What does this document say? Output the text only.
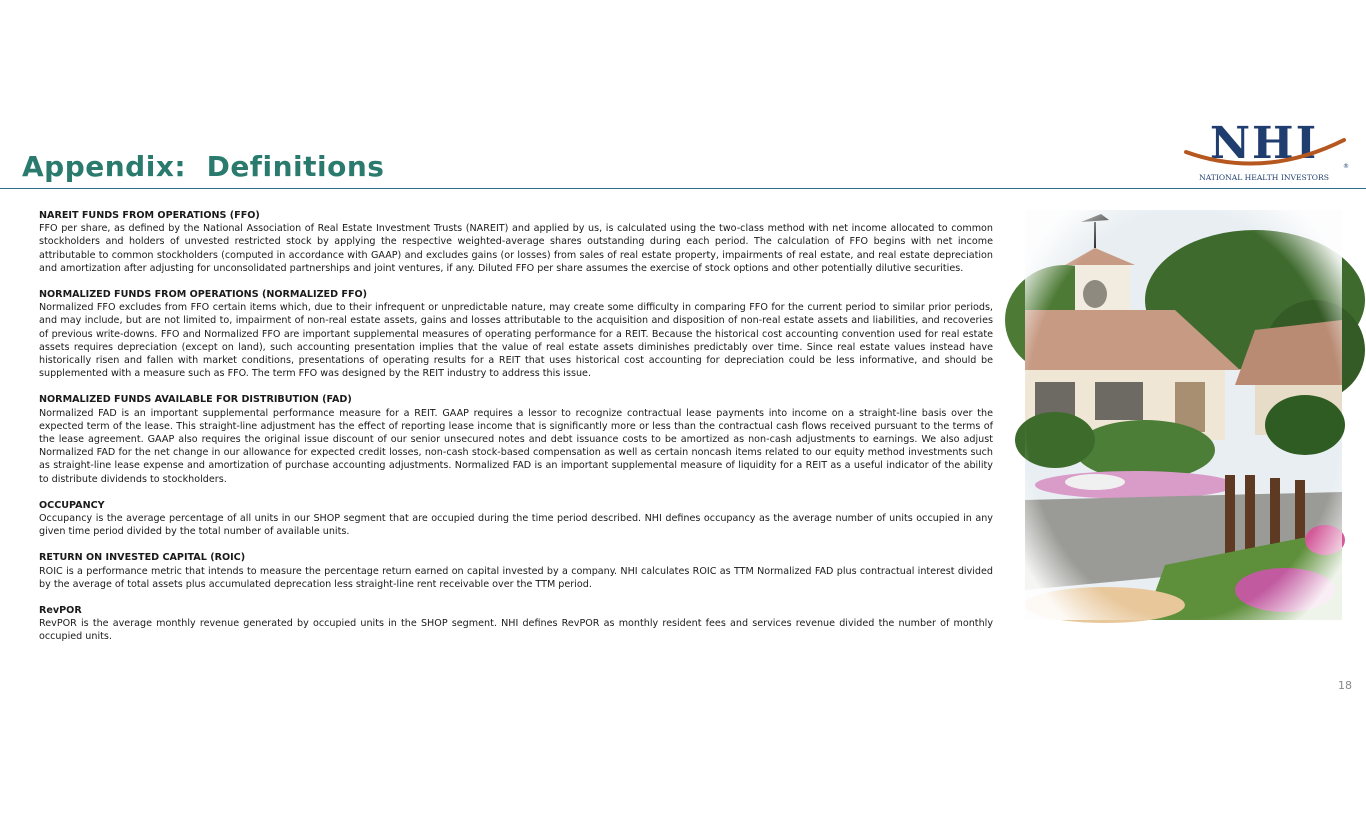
Appendix:  Definitions	NHI	®
NATIONAL HEALTH INVESTORS
NAREIT FUNDS FROM OPERATIONS (FFO)

FFO per share, as defined by the National Association of Real Estate Investment Trusts (NAREIT) and applied by us, is calculated using the two-class method with net income allocated to common stockholders and holders of unvested restricted stock by applying the respective weighted-average shares outstanding during each period. The calculation of FFO begins with net income attributable to common stockholders (computed in accordance with GAAP) and excludes gains (or losses) from sales of real estate property, impairments of real estate, and real estate depreciation and amortization after adjusting for unconsolidated partnerships and joint ventures, if any. Diluted FFO per share assumes the exercise of stock options and other potentially dilutive securities.

NORMALIZED FUNDS FROM OPERATIONS (NORMALIZED FFO)

Normalized FFO excludes from FFO certain items which, due to their infrequent or unpredictable nature, may create some difficulty in comparing FFO for the current period to similar prior periods, and may include, but are not limited to, impairment of non-real estate assets, gains and losses attributable to the acquisition and disposition of non-real estate assets and liabilities, and recoveries of previous write-downs. FFO and Normalized FFO are important supplemental measures of operating performance for a REIT. Because the historical cost accounting convention used for real estate assets requires depreciation (except on land), such accounting presentation implies that the value of real estate assets diminishes predictably over time. Since real estate values instead have historically risen and fallen with market conditions, presentations of operating results for a REIT that uses historical cost accounting for depreciation could be less informative, and should be supplemented with a measure such as FFO. The term FFO was designed by the REIT industry to address this issue.

NORMALIZED FUNDS AVAILABLE FOR DISTRIBUTION (FAD)

Normalized FAD is an important supplemental performance measure for a REIT. GAAP requires a lessor to recognize contractual lease payments into income on a straight-line basis over the expected term of the lease. This straight-line adjustment has the effect of reporting lease income that is significantly more or less than the contractual cash flows received pursuant to the terms of the lease agreement. GAAP also requires the original issue discount of our senior unsecured notes and debt issuance costs to be amortized as non-cash adjustments to earnings. We also adjust Normalized FAD for the net change in our allowance for expected credit losses, non-cash stock-based compensation as well as certain noncash items related to our equity method investments such as straight-line lease expense and amortization of purchase accounting adjustments. Normalized FAD is an important supplemental measure of liquidity for a REIT as a useful indicator of the ability to distribute dividends to stockholders.

OCCUPANCY

Occupancy is the average percentage of all units in our SHOP segment that are occupied during the time period described. NHI defines occupancy as the average number of units occupied in any given time period divided by the total number of available units.

RETURN ON INVESTED CAPITAL (ROIC)

ROIC is a performance metric that intends to measure the percentage return earned on capital invested by a company. NHI calculates ROIC as TTM Normalized FAD plus contractual interest divided by the average of total assets plus accumulated deprecation less straight-line rent receivable over the TTM period.

RevPOR

RevPOR is the average monthly revenue generated by occupied units in the SHOP segment. NHI defines RevPOR as monthly resident fees and services revenue divided the number of monthly occupied units.

18
